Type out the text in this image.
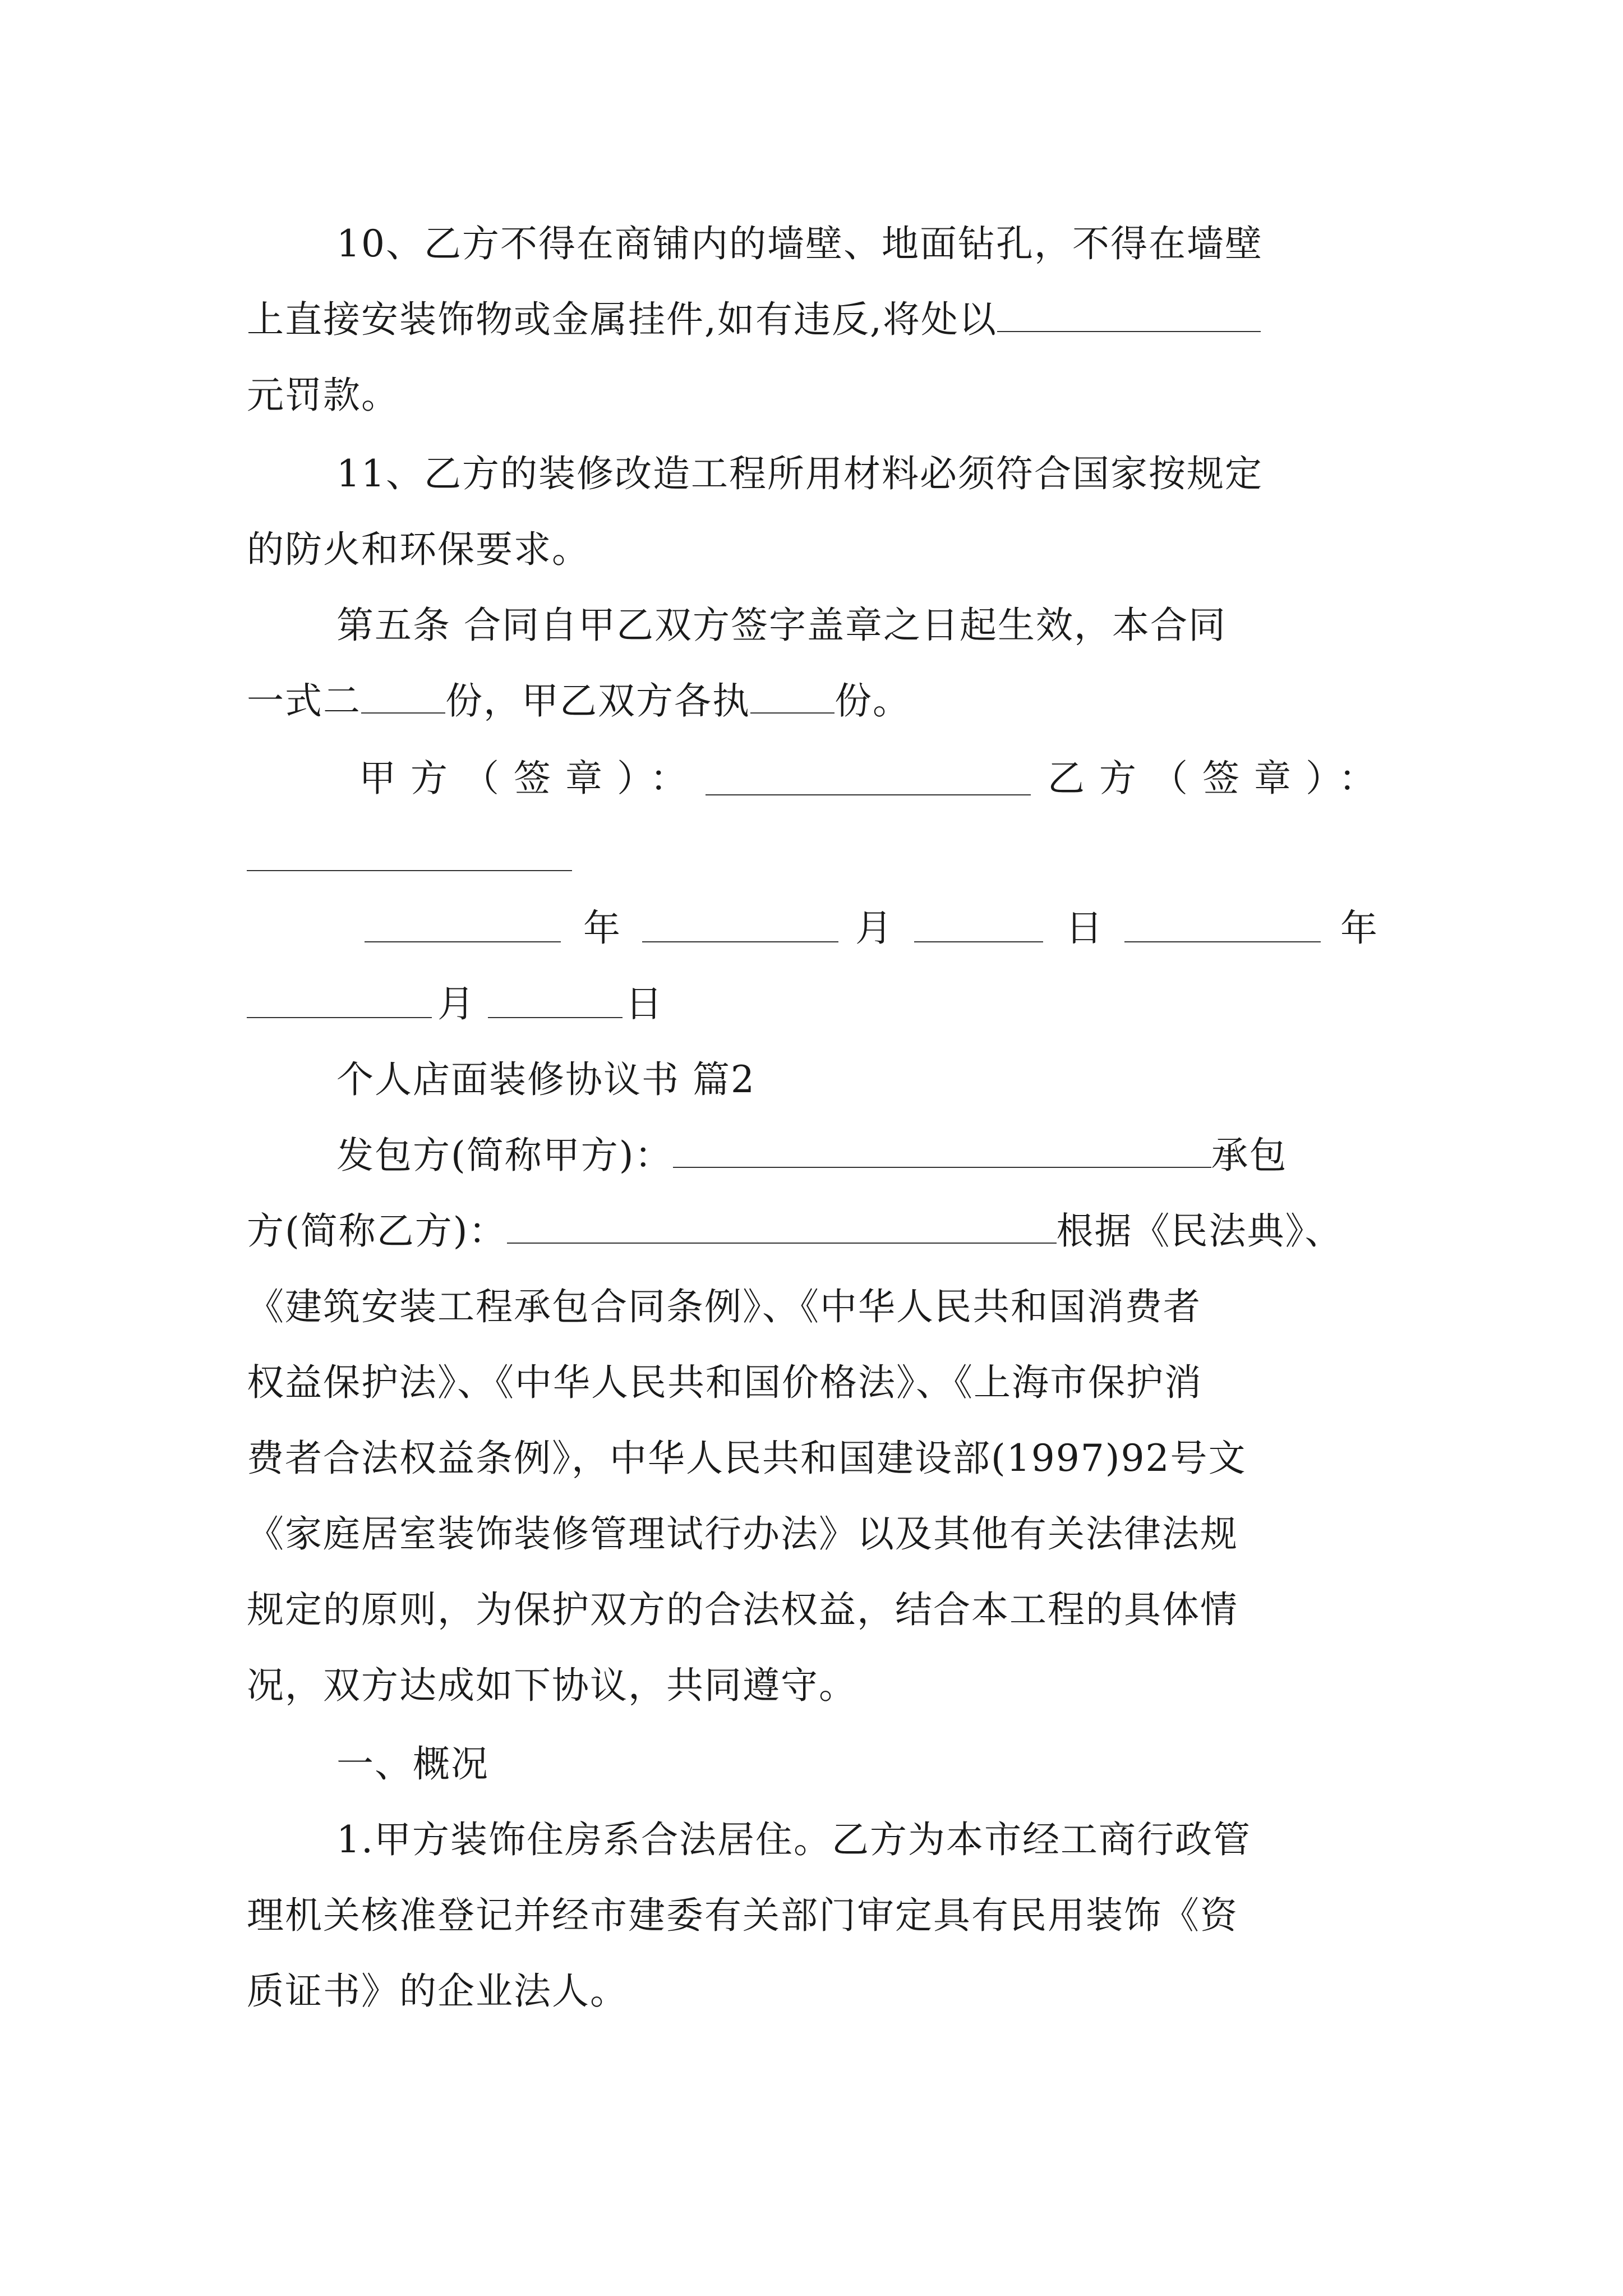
10、乙方不得在商铺内的墙壁、地面钻孔，不得在墙壁
上直接安装饰物或金属挂件,如有违反,将处以
元罚款。
11、乙方的装修改造工程所用材料必须符合国家按规定
的防火和环保要求。
第五条 合同自甲乙双方签字盖章之日起生效，本合同
一式二 份，甲乙双方各执 份。
甲方（签章）：	乙方（签章）：
年	月	日	年
月	日
个人店面装修协议书 篇2
发包方(简称甲方)：	承包
方(简称乙方)：	根据《民法典》、
《建筑安装工程承包合同条例》、《中华人民共和国消费者
权益保护法》、《中华人民共和国价格法》、《上海市保护消
费者合法权益条例》，中华人民共和国建设部(1997)92号文
《家庭居室装饰装修管理试行办法》以及其他有关法律法规
规定的原则，为保护双方的合法权益，结合本工程的具体情
况，双方达成如下协议，共同遵守。
一、概况
1.甲方装饰住房系合法居住。乙方为本市经工商行政管
理机关核准登记并经市建委有关部门审定具有民用装饰《资
质证书》的企业法人。
